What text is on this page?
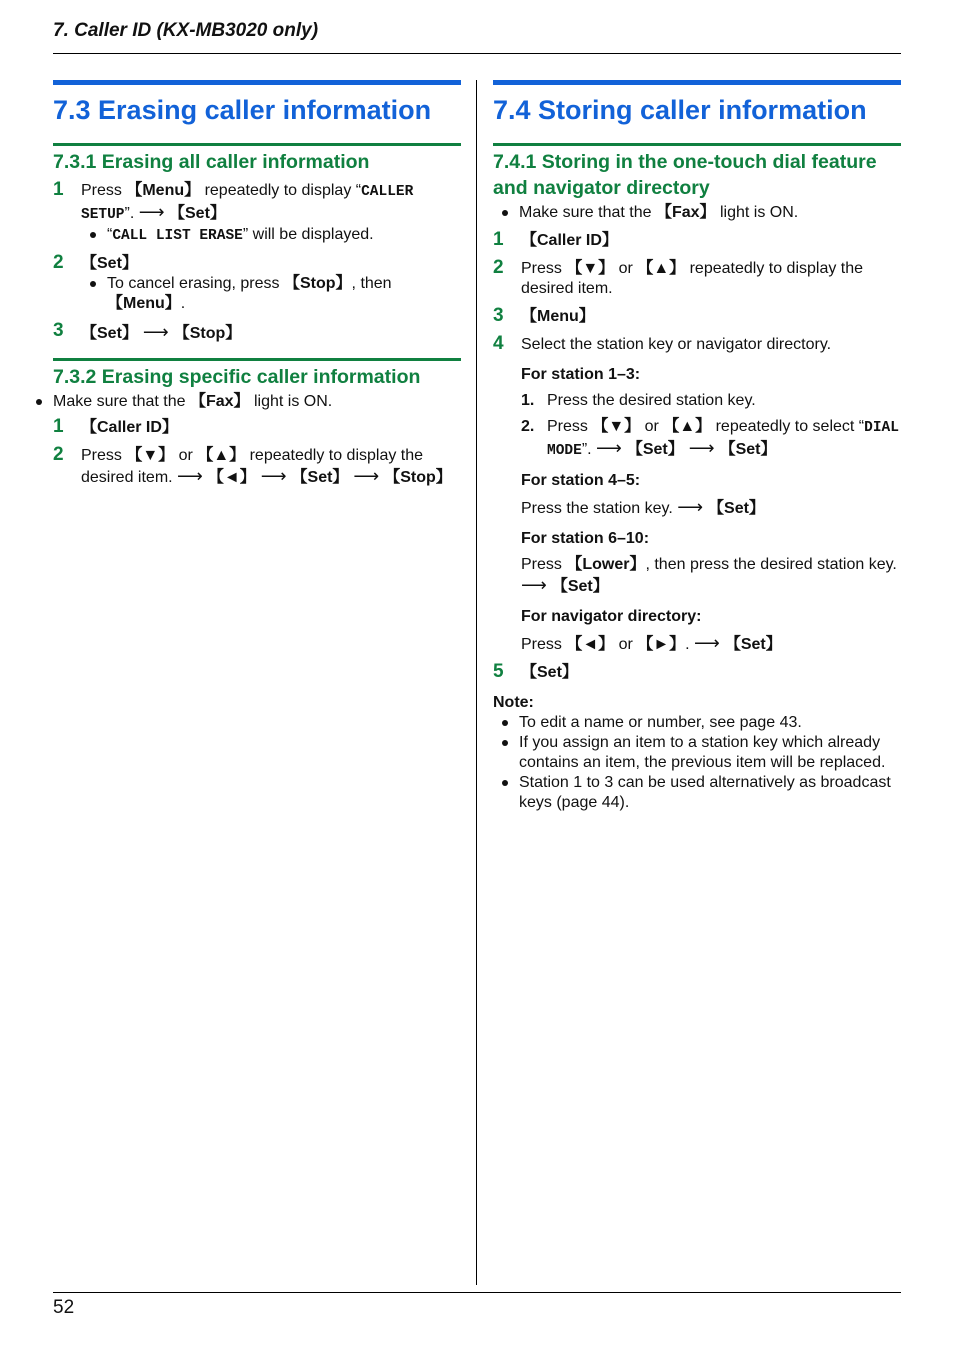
7. Caller ID (KX-MB3020 only)
7.3 Erasing caller information
7.3.1 Erasing all caller information
1 Press 【Menu】 repeatedly to display “CALLER SETUP”. ⟶ 【Set】
“CALL LIST ERASE” will be displayed.
2 【Set】
To cancel erasing, press 【Stop】, then 【Menu】.
3 【Set】 ⟶ 【Stop】
7.3.2 Erasing specific caller information
Make sure that the 【Fax】 light is ON.
1 【Caller ID】
2 Press 【▼】 or 【▲】 repeatedly to display the desired item. ⟶ 【◄】 ⟶ 【Set】 ⟶ 【Stop】
7.4 Storing caller information
7.4.1 Storing in the one-touch dial feature and navigator directory
Make sure that the 【Fax】 light is ON.
1 【Caller ID】
2 Press 【▼】 or 【▲】 repeatedly to display the desired item.
3 【Menu】
4 Select the station key or navigator directory.
For station 1–3:
1. Press the desired station key.
2. Press 【▼】 or 【▲】 repeatedly to select “DIAL MODE”. ⟶ 【Set】 ⟶ 【Set】
For station 4–5:
Press the station key. ⟶ 【Set】
For station 6–10:
Press 【Lower】, then press the desired station key. ⟶ 【Set】
For navigator directory:
Press 【◄】 or 【►】. ⟶ 【Set】
5 【Set】
Note:
To edit a name or number, see page 43.
If you assign an item to a station key which already contains an item, the previous item will be replaced.
Station 1 to 3 can be used alternatively as broadcast keys (page 44).
52
